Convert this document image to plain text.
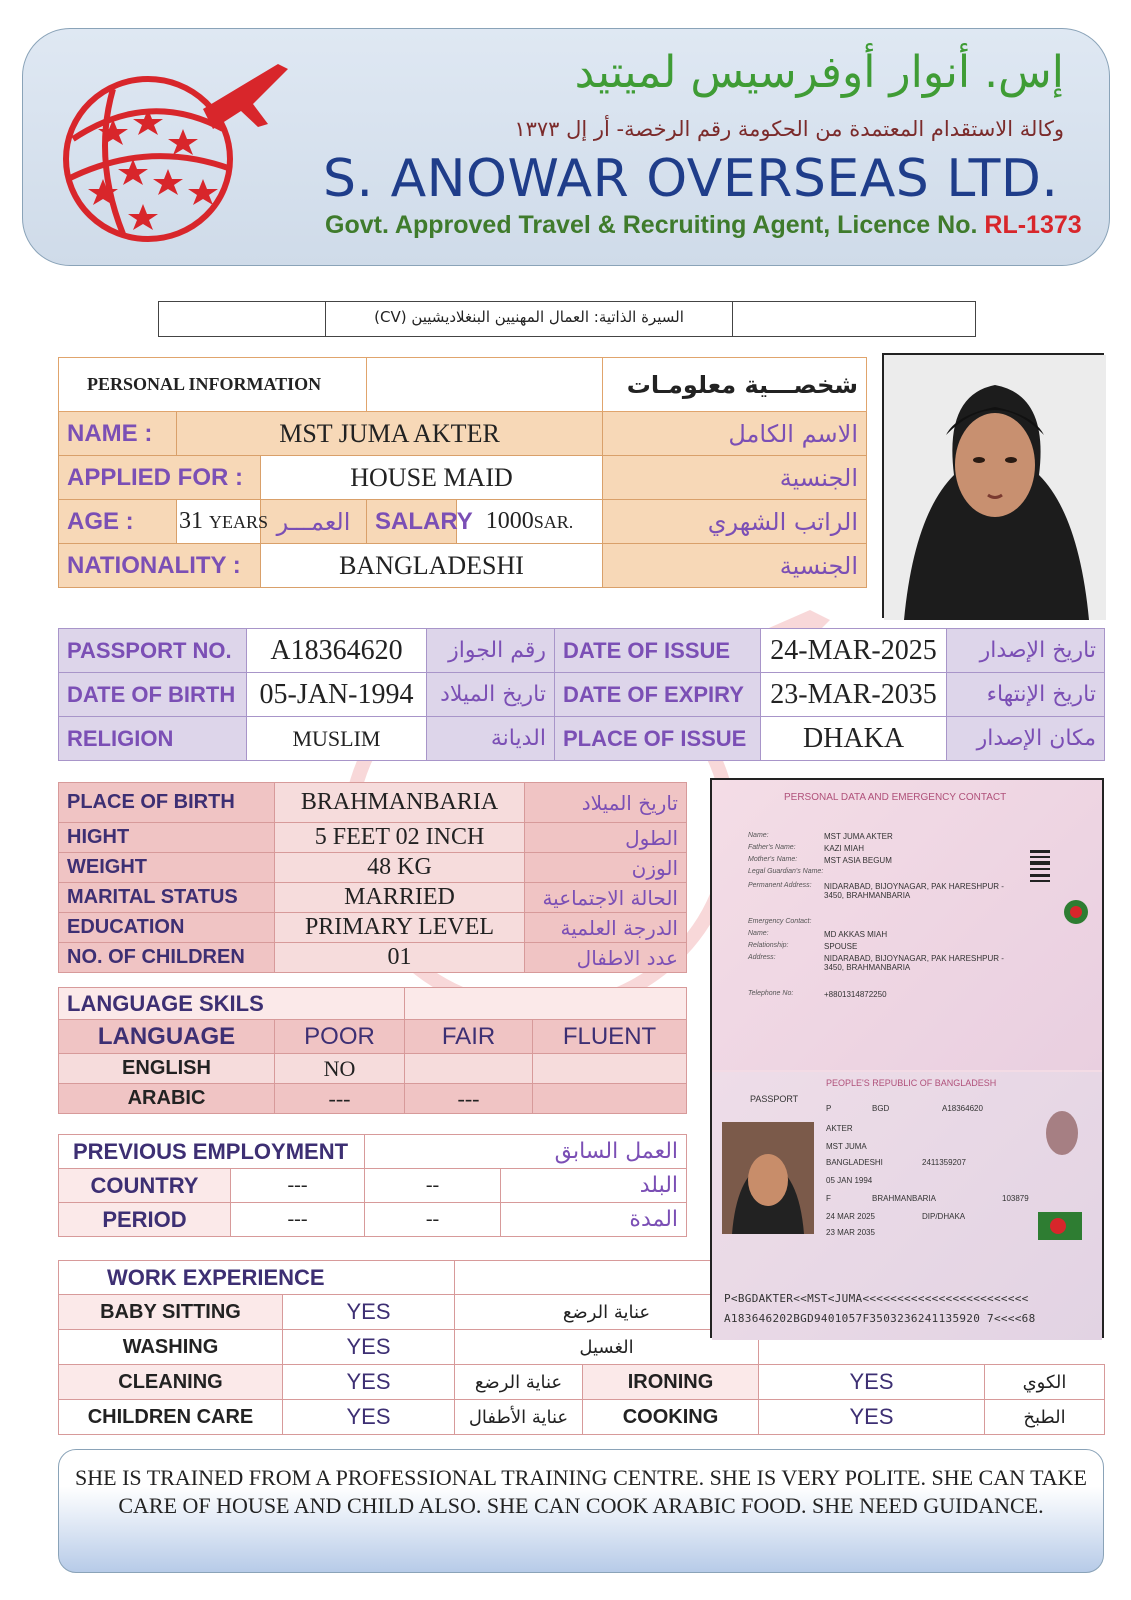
إس. أنوار أوفرسيس لميتيد
وكالة الاستقدام المعتمدة من الحكومة رقم الرخصة- أر إل ١٣٧٣
S. ANOWAR OVERSEAS LTD.
Govt. Approved Travel & Recruiting Agent, Licence No. RL-1373
السيرة الذاتية: العمال المهنيين البنغلاديشيين (CV)
PERSONAL INFORMATION					شخصـــية معلومـات
NAME :	MST JUMA AKTER				الاسم الكامل
APPLIED FOR :		HOUSE MAID			الجنسية
AGE :	31 YEARS	العمـــر	SALARY	1000SAR.	الراتب الشهري
NATIONALITY :		BANGLADESHI			الجنسية
PASSPORT NO.	A18364620	رقم الجواز	DATE OF ISSUE	24-MAR-2025	تاريخ الإصدار
DATE OF BIRTH	05-JAN-1994	تاريخ الميلاد	DATE OF EXPIRY	23-MAR-2035	تاريخ الإنتهاء
RELIGION	MUSLIM	الديانة	PLACE OF ISSUE	DHAKA	مكان الإصدار
PLACE OF BIRTH	BRAHMANBARIA	تاريخ الميلاد
HIGHT	5 FEET 02 INCH	الطول
WEIGHT	48 KG	الوزن
MARITAL STATUS	MARRIED	الحالة الاجتماعية
EDUCATION	PRIMARY LEVEL	الدرجة العلمية
NO. OF CHILDREN	01	عدد الاطفال
LANGUAGE SKILS			
LANGUAGE	POOR	FAIR	FLUENT
ENGLISH	NO		
ARABIC	---	---	
PREVIOUS EMPLOYMENT		العمل السابق	
COUNTRY	---	--	البلد
PERIOD	---	--	المدة
WORK EXPERIENCE					
BABY SITTING	YES	عناية الرضع			
WASHING	YES	الغسيل			
CLEANING	YES	عناية الرضع	IRONING	YES	الكوي
CHILDREN CARE	YES	عناية الأطفال	COOKING	YES	الطبخ
PERSONAL DATA AND EMERGENCY CONTACT
Name:	MST JUMA AKTER
Father's Name:	KAZI MIAH
Mother's Name:	MST ASIA BEGUM
Legal Guardian's Name:
Permanent Address: NIDARABAD, BIJOYNAGAR, PAK HARESHPUR - 3450, BRAHMANBARIA
Emergency Contact:
Name:	MD AKKAS MIAH
Relationship:	SPOUSE
Address:	NIDARABAD, BIJOYNAGAR, PAK HARESHPUR - 3450, BRAHMANBARIA
Telephone No:	+8801314872250
PEOPLE'S REPUBLIC OF BANGLADESH
PASSPORT
P	BGD	A18364620
AKTER
MST JUMA
BANGLADESHI	2411359207
05 JAN 1994
F	BRAHMANBARIA	103879
24 MAR 2025	DIP/DHAKA
23 MAR 2035
P<BGDAKTER<<MST<JUMA<<<<<<<<<<<<<<<<<<<<<<<<
A183646202BGD9401057F3503236241135920 7<<<<68
SHE IS TRAINED FROM A PROFESSIONAL TRAINING CENTRE. SHE IS VERY POLITE. SHE CAN TAKE CARE OF HOUSE AND CHILD ALSO. SHE CAN COOK ARABIC FOOD. SHE NEED GUIDANCE.
